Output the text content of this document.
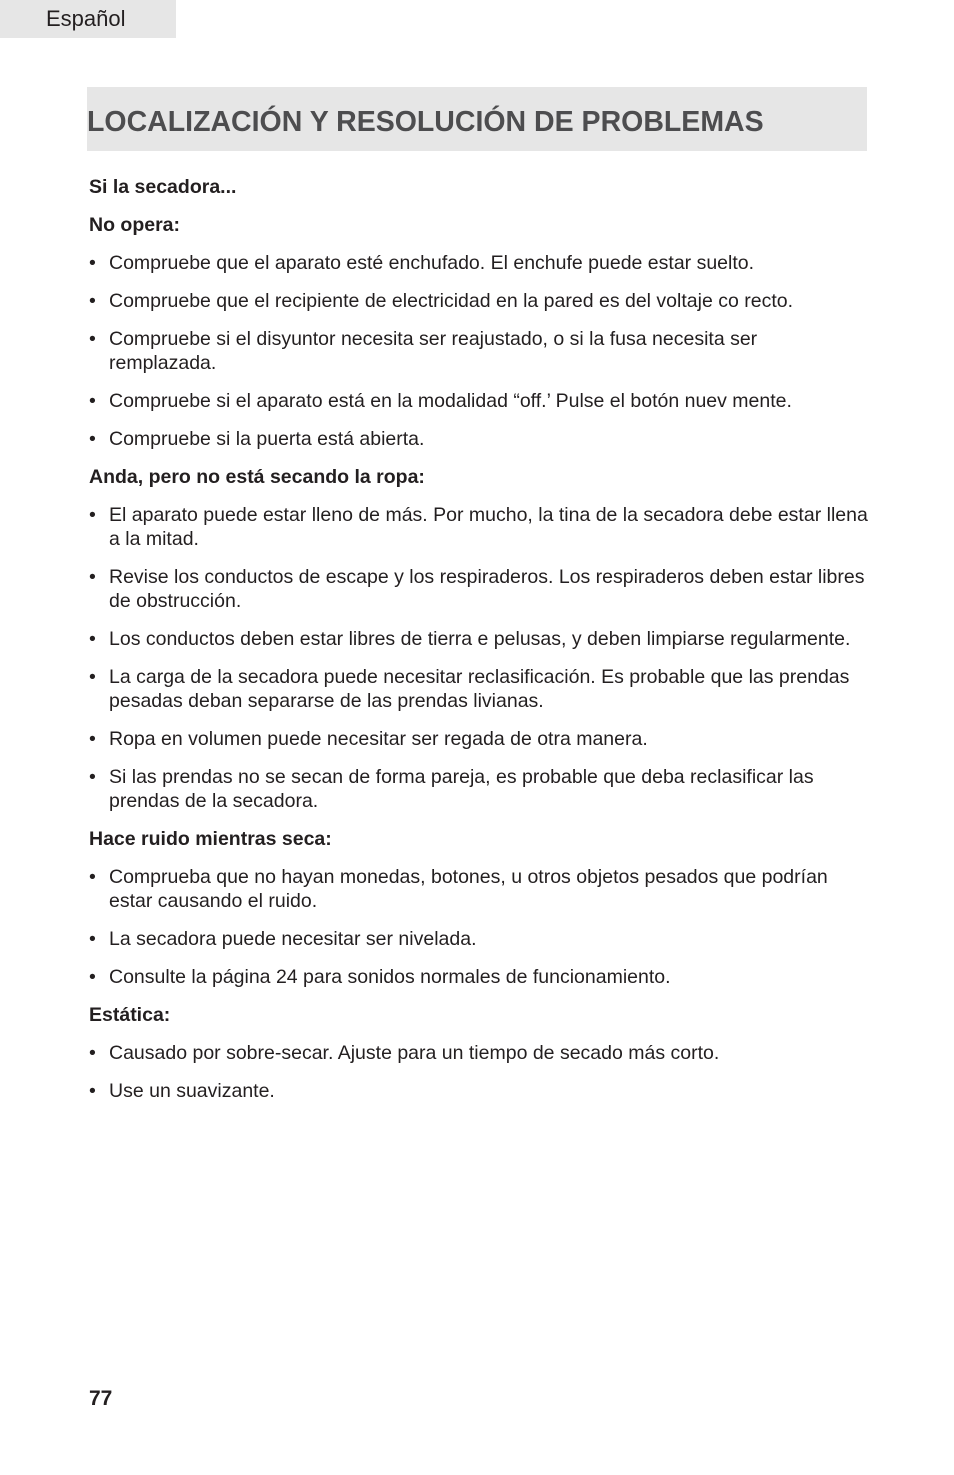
Español
LOCALIZACIÓN Y RESOLUCIÓN DE PROBLEMAS

Si la secadora...

No opera:

• Compruebe que el aparato esté enchufado. El enchufe puede estar suelto.
• Compruebe que el recipiente de electricidad en la pared es del voltaje co recto.
• Compruebe si el disyuntor necesita ser reajustado, o si la fusa necesita ser remplazada.
• Compruebe si el aparato está en la modalidad “off.’ Pulse el botón nuev mente.
• Compruebe si la puerta está abierta.

Anda, pero no está secando la ropa:

• El aparato puede estar lleno de más. Por mucho, la tina de la secadora debe estar llena a la mitad.
• Revise los conductos de escape y los respiraderos. Los respiraderos deben estar libres de obstrucción.
• Los conductos deben estar libres de tierra e pelusas, y deben limpiarse regularmente.
• La carga de la secadora puede necesitar reclasificación. Es probable que las prendas pesadas deban separarse de las prendas livianas.
• Ropa en volumen puede necesitar ser regada de otra manera.
• Si las prendas no se secan de forma pareja, es probable que deba reclasificar las prendas de la secadora.

Hace ruido mientras seca:

• Comprueba que no hayan monedas, botones, u otros objetos pesados que podrían estar causando el ruido.
• La secadora puede necesitar ser nivelada.
• Consulte la página 24 para sonidos normales de funcionamiento.

Estática:

• Causado por sobre-secar. Ajuste para un tiempo de secado más corto.
• Use un suavizante.
77
